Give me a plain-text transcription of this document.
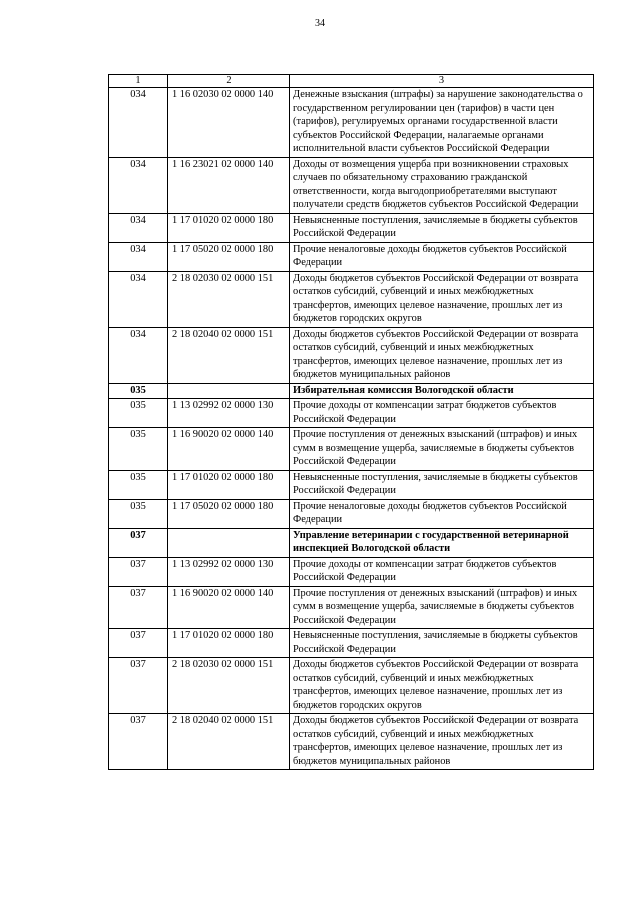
34
1	2	3
034	1 16 02030 02 0000 140	Денежные взыскания (штрафы) за нарушение законодательства о государственном регулировании цен (тарифов) в части цен (тарифов), регулируемых органами государственной власти субъектов Российской Федерации, налагаемые органами исполнительной власти субъектов Российской Федерации
034	1 16 23021 02 0000 140	Доходы от возмещения ущерба при возникновении страховых случаев по обязательному страхованию гражданской ответственности, когда выгодоприобретателями выступают получатели средств бюджетов субъектов Российской Федерации
034	1 17 01020 02 0000 180	Невыясненные поступления, зачисляемые в бюджеты субъектов Российской Федерации
034	1 17 05020 02 0000 180	Прочие неналоговые доходы бюджетов субъектов Российской Федерации
034	2 18 02030 02 0000 151	Доходы бюджетов субъектов Российской Федерации от возврата остатков субсидий, субвенций и иных межбюджетных трансфертов, имеющих целевое назначение, прошлых лет из бюджетов городских округов
034	2 18 02040 02 0000 151	Доходы бюджетов субъектов Российской Федерации от возврата остатков субсидий, субвенций и иных межбюджетных трансфертов, имеющих целевое назначение, прошлых лет из бюджетов муниципальных районов
035		Избирательная комиссия Вологодской области
035	1 13 02992 02 0000 130	Прочие доходы от компенсации затрат бюджетов субъектов Российской Федерации
035	1 16 90020 02 0000 140	Прочие поступления от денежных взысканий (штрафов) и иных сумм в возмещение ущерба, зачисляемые в бюджеты субъектов Российской Федерации
035	1 17 01020 02 0000 180	Невыясненные поступления, зачисляемые в бюджеты субъектов Российской Федерации
035	1 17 05020 02 0000 180	Прочие неналоговые доходы бюджетов субъектов Российской Федерации
037		Управление ветеринарии с государственной ветеринарной инспекцией Вологодской области
037	1 13 02992 02 0000 130	Прочие доходы от компенсации затрат бюджетов субъектов Российской Федерации
037	1 16 90020 02 0000 140	Прочие поступления от денежных взысканий (штрафов) и иных сумм в возмещение ущерба, зачисляемые в бюджеты субъектов Российской Федерации
037	1 17 01020 02 0000 180	Невыясненные поступления, зачисляемые в бюджеты субъектов Российской Федерации
037	2 18 02030 02 0000 151	Доходы бюджетов субъектов Российской Федерации от возврата остатков субсидий, субвенций и иных межбюджетных трансфертов, имеющих целевое назначение, прошлых лет из бюджетов городских округов
037	2 18 02040 02 0000 151	Доходы бюджетов субъектов Российской Федерации от возврата остатков субсидий, субвенций и иных межбюджетных трансфертов, имеющих целевое назначение, прошлых лет из бюджетов муниципальных районов
